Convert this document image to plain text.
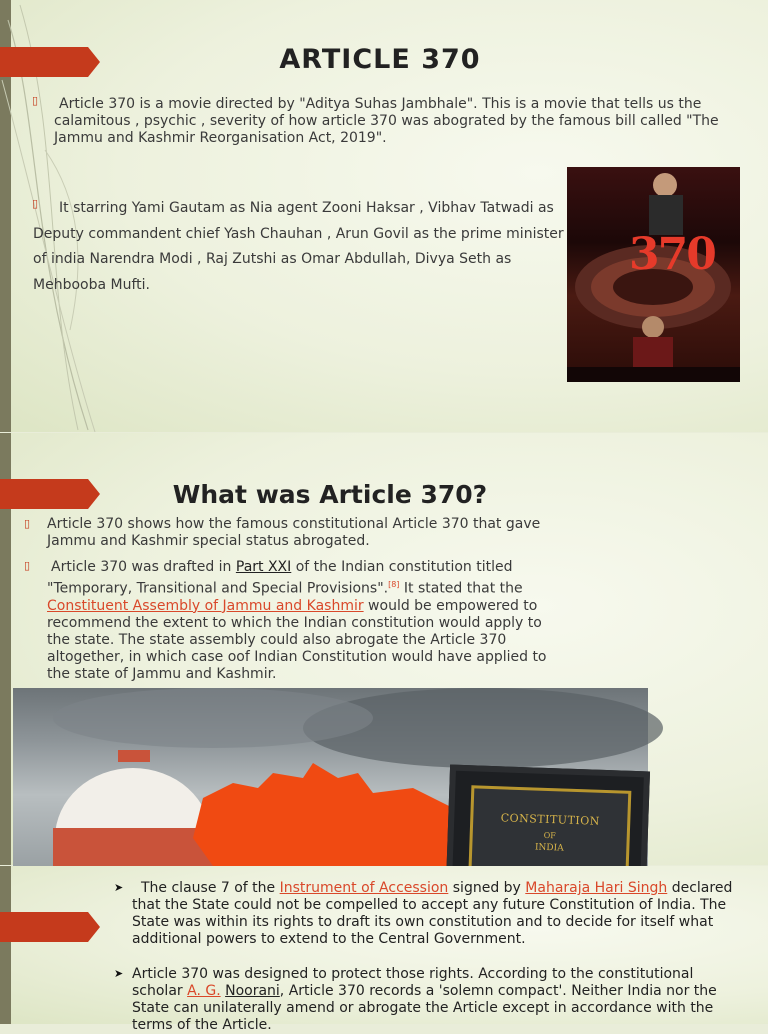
ARTICLE 370
▯	Article 370 is a movie directed by "Aditya Suhas Jambhale". This is a movie that tells us the calamitous , psychic , severity of how article 370 was abograted by the famous bill called "The Jammu and Kashmir Reorganisation Act, 2019".

▯	It starring Yami Gautam as Nia agent Zooni Haksar , Vibhav Tatwadi as
Deputy commandent chief Yash Chauhan , Arun Govil as the prime minister
of india Narendra Modi , Raj Zutshi as Omar Abdullah, Divya Seth as
Mehbooba Mufti.
370
What was Article 370?
▯ Article 370 shows how the famous constitutional Article 370 that gave Jammu and Kashmir special status abrogated.

▯ Article 370 was drafted in Part XXI of the Indian constitution titled "Temporary, Transitional and Special Provisions".[8] It stated that the Constituent Assembly of Jammu and Kashmir would be empowered to recommend the extent to which the Indian constitution would apply to the state. The state assembly could also abrogate the Article 370 altogether, in which case oof Indian Constitution would have applied to the state of Jammu and Kashmir.

CONSTITUTION
OF
INDIA
➤	The clause 7 of the Instrument of Accession signed by Maharaja Hari Singh declared that the State could not be compelled to accept any future Constitution of India. The State was within its rights to draft its own constitution and to decide for itself what additional powers to extend to the Central Government.

➤ Article 370 was designed to protect those rights. According to the constitutional scholar A. G. Noorani, Article 370 records a 'solemn compact'. Neither India nor the State can unilaterally amend or abrogate the Article except in accordance with the terms of the Article.
